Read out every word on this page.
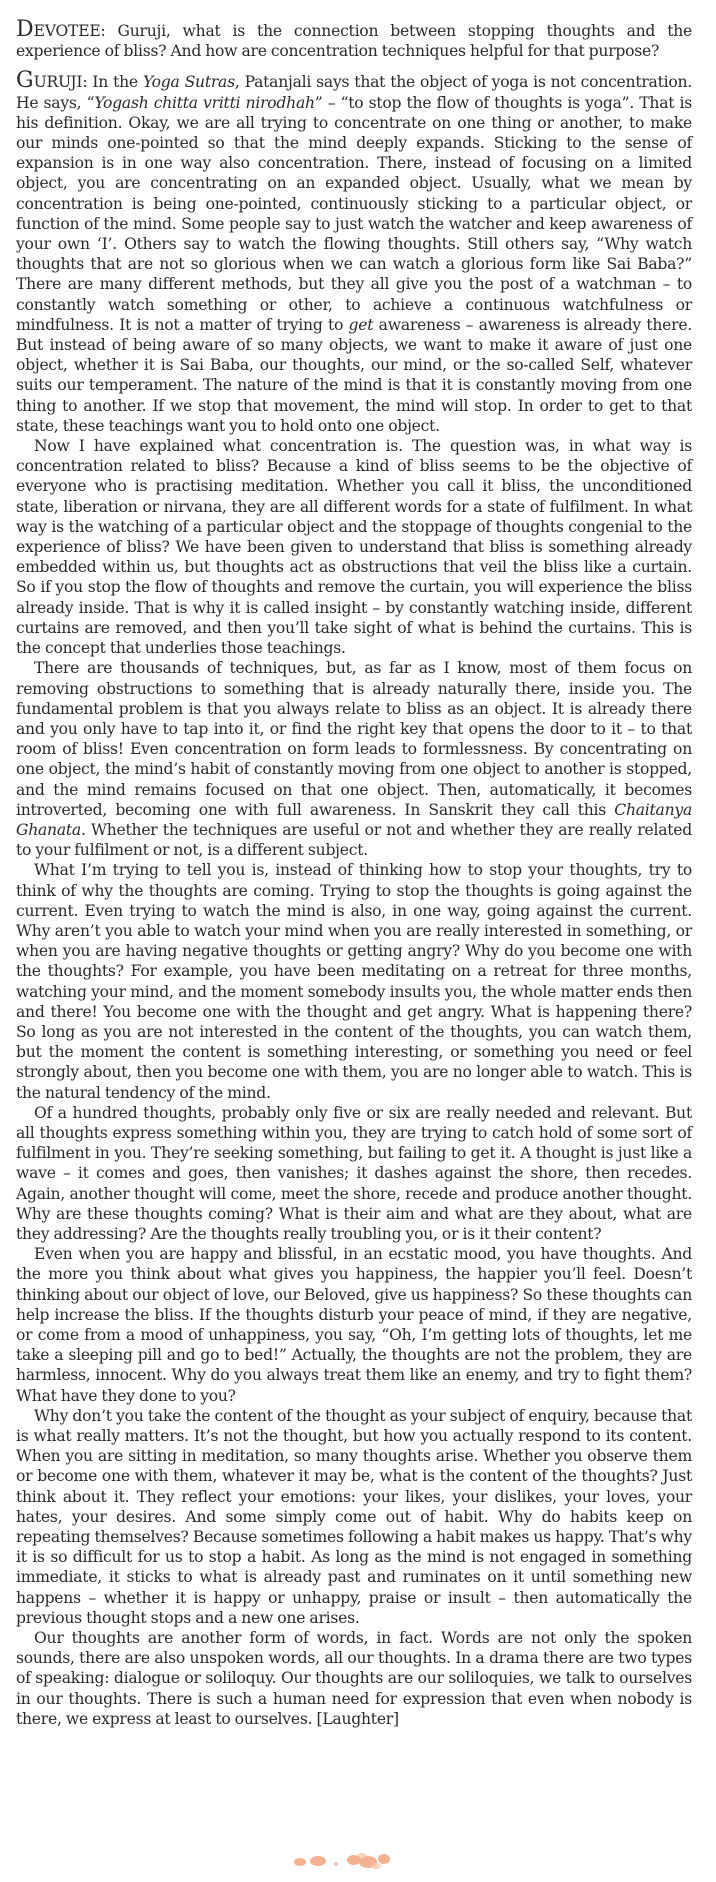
DEVOTEE: Guruji, what is the connection between stopping thoughts and the experience of bliss? And how are concentration techniques helpful for that purpose?

GURUJI: In the Yoga Sutras, Patanjali says that the object of yoga is not concentration. He says, “Yogash chitta vritti nirodhah” – “to stop the flow of thoughts is yoga”. That is his definition. Okay, we are all trying to concentrate on one thing or another, to make our minds one-pointed so that the mind deeply expands. Sticking to the sense of expansion is in one way also concentration. There, instead of focusing on a limited object, you are concentrating on an expanded object. Usually, what we mean by concentration is being one-pointed, continuously sticking to a particular object, or function of the mind. Some people say to just watch the watcher and keep awareness of your own ‘I’. Others say to watch the flowing thoughts. Still others say, “Why watch thoughts that are not so glorious when we can watch a glorious form like Sai Baba?” There are many different methods, but they all give you the post of a watchman – to constantly watch something or other, to achieve a continuous watchfulness or mindfulness. It is not a matter of trying to get awareness – awareness is already there. But instead of being aware of so many objects, we want to make it aware of just one object, whether it is Sai Baba, our thoughts, our mind, or the so-called Self, whatever suits our temperament. The nature of the mind is that it is constantly moving from one thing to another. If we stop that movement, the mind will stop. In order to get to that state, these teachings want you to hold onto one object.

Now I have explained what concentration is. The question was, in what way is concentration related to bliss? Because a kind of bliss seems to be the objective of everyone who is practising meditation. Whether you call it bliss, the unconditioned state, liberation or nirvana, they are all different words for a state of fulfilment. In what way is the watching of a particular object and the stoppage of thoughts congenial to the experience of bliss? We have been given to understand that bliss is something already embedded within us, but thoughts act as obstructions that veil the bliss like a curtain. So if you stop the flow of thoughts and remove the curtain, you will experience the bliss already inside. That is why it is called insight – by constantly watching inside, different curtains are removed, and then you’ll take sight of what is behind the curtains. This is the concept that underlies those teachings.

There are thousands of techniques, but, as far as I know, most of them focus on removing obstructions to something that is already naturally there, inside you. The fundamental problem is that you always relate to bliss as an object. It is already there and you only have to tap into it, or find the right key that opens the door to it – to that room of bliss! Even concentration on form leads to formlessness. By concentrating on one object, the mind’s habit of constantly moving from one object to another is stopped, and the mind remains focused on that one object. Then, automatically, it becomes introverted, becoming one with full awareness. In Sanskrit they call this Chaitanya Ghanata. Whether the techniques are useful or not and whether they are really related to your fulfilment or not, is a different subject.

What I’m trying to tell you is, instead of thinking how to stop your thoughts, try to think of why the thoughts are coming. Trying to stop the thoughts is going against the current. Even trying to watch the mind is also, in one way, going against the current. Why aren’t you able to watch your mind when you are really interested in something, or when you are having negative thoughts or getting angry? Why do you become one with the thoughts? For example, you have been meditating on a retreat for three months, watching your mind, and the moment somebody insults you, the whole matter ends then and there! You become one with the thought and get angry. What is happening there? So long as you are not interested in the content of the thoughts, you can watch them, but the moment the content is something interesting, or something you need or feel strongly about, then you become one with them, you are no longer able to watch. This is the natural tendency of the mind.

Of a hundred thoughts, probably only five or six are really needed and relevant. But all thoughts express something within you, they are trying to catch hold of some sort of fulfilment in you. They’re seeking something, but failing to get it. A thought is just like a wave – it comes and goes, then vanishes; it dashes against the shore, then recedes. Again, another thought will come, meet the shore, recede and produce another thought. Why are these thoughts coming? What is their aim and what are they about, what are they addressing? Are the thoughts really troubling you, or is it their content?

Even when you are happy and blissful, in an ecstatic mood, you have thoughts. And the more you think about what gives you happiness, the happier you’ll feel. Doesn’t thinking about our object of love, our Beloved, give us happiness? So these thoughts can help increase the bliss. If the thoughts disturb your peace of mind, if they are negative, or come from a mood of unhappiness, you say, “Oh, I’m getting lots of thoughts, let me take a sleeping pill and go to bed!” Actually, the thoughts are not the problem, they are harmless, innocent. Why do you always treat them like an enemy, and try to fight them? What have they done to you?

Why don’t you take the content of the thought as your subject of enquiry, because that is what really matters. It’s not the thought, but how you actually respond to its content. When you are sitting in meditation, so many thoughts arise. Whether you observe them or become one with them, whatever it may be, what is the content of the thoughts? Just think about it. They reflect your emotions: your likes, your dislikes, your loves, your hates, your desires. And some simply come out of habit. Why do habits keep on repeating themselves? Because sometimes following a habit makes us happy. That’s why it is so difficult for us to stop a habit. As long as the mind is not engaged in something immediate, it sticks to what is already past and ruminates on it until something new happens – whether it is happy or unhappy, praise or insult – then automatically the previous thought stops and a new one arises.

Our thoughts are another form of words, in fact. Words are not only the spoken sounds, there are also unspoken words, all our thoughts. In a drama there are two types of speaking: dialogue or soliloquy. Our thoughts are our soliloquies, we talk to ourselves in our thoughts. There is such a human need for expression that even when nobody is there, we express at least to ourselves. [Laughter]
